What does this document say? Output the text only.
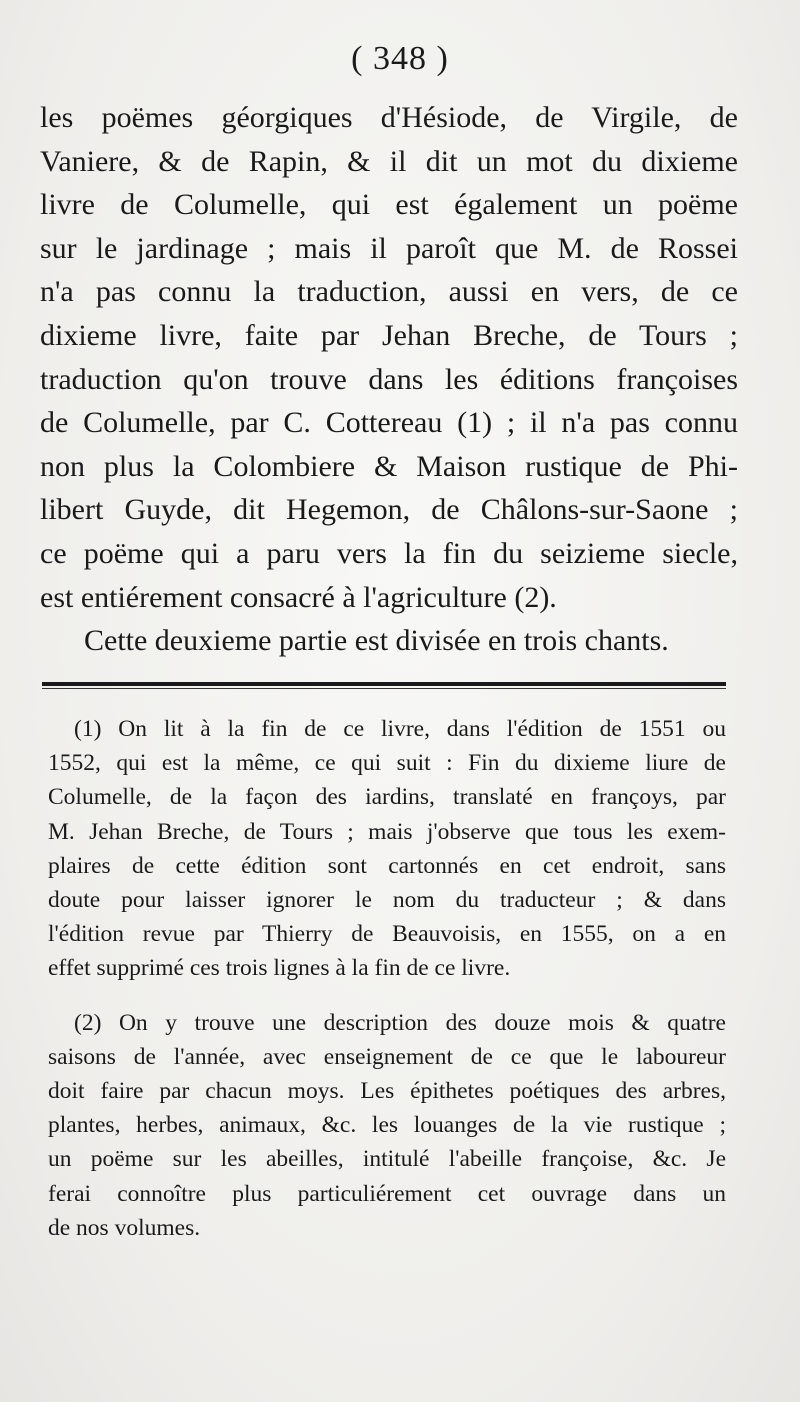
( 348 )
les poëmes géorgiques d'Hésiode, de Virgile, de
Vaniere, & de Rapin, & il dit un mot du dixieme
livre de Columelle, qui est également un poëme
sur le jardinage ; mais il paroît que M. de Rossei
n'a pas connu la traduction, aussi en vers, de ce
dixieme livre, faite par Jehan Breche, de Tours ;
traduction qu'on trouve dans les éditions françoises
de Columelle, par C. Cottereau (1) ; il n'a pas connu
non plus la Colombiere & Maison rustique de Phi-
libert Guyde, dit Hegemon, de Châlons-sur-Saone ;
ce poëme qui a paru vers la fin du seizieme siecle,
est entiérement consacré à l'agriculture (2).
Cette deuxieme partie est divisée en trois chants.
(1) On lit à la fin de ce livre, dans l'édition de 1551 ou
1552, qui est la même, ce qui suit : Fin du dixieme liure de
Columelle, de la façon des iardins, translaté en françoys, par
M. Jehan Breche, de Tours ; mais j'observe que tous les exem-
plaires de cette édition sont cartonnés en cet endroit, sans
doute pour laisser ignorer le nom du traducteur ; & dans
l'édition revue par Thierry de Beauvoisis, en 1555, on a en
effet supprimé ces trois lignes à la fin de ce livre.
(2) On y trouve une description des douze mois & quatre
saisons de l'année, avec enseignement de ce que le laboureur
doit faire par chacun moys. Les épithetes poétiques des arbres,
plantes, herbes, animaux, &c. les louanges de la vie rustique ;
un poëme sur les abeilles, intitulé l'abeille françoise, &c. Je
ferai connoître plus particuliérement cet ouvrage dans un
de nos volumes.
